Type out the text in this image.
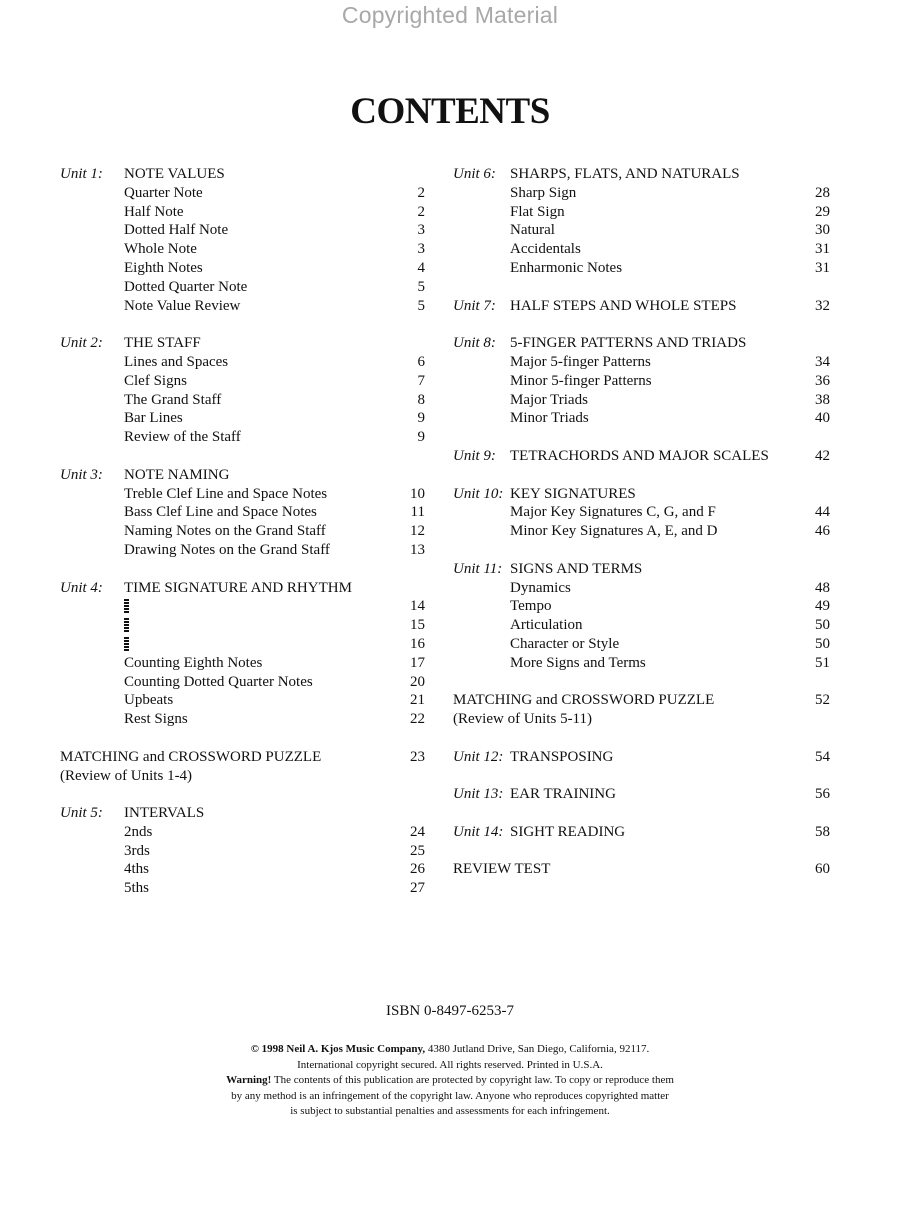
Copyrighted Material
CONTENTS
Unit 1: NOTE VALUES
Quarter Note	2
Half Note	2
Dotted Half Note	3
Whole Note	3
Eighth Notes	4
Dotted Quarter Note	5
Note Value Review	5
Unit 2: THE STAFF
Lines and Spaces	6
Clef Signs	7
The Grand Staff	8
Bar Lines	9
Review of the Staff	9
Unit 3: NOTE NAMING
Treble Clef Line and Space Notes	10
Bass Clef Line and Space Notes	11
Naming Notes on the Grand Staff	12
Drawing Notes on the Grand Staff	13
Unit 4: TIME SIGNATURE AND RHYTHM
14
15
16
Counting Eighth Notes	17
Counting Dotted Quarter Notes	20
Upbeats	21
Rest Signs	22
MATCHING and CROSSWORD PUZZLE	23
(Review of Units 1-4)
Unit 5: INTERVALS
2nds	24
3rds	25
4ths	26
5ths	27
Unit 6: SHARPS, FLATS, AND NATURALS
Sharp Sign	28
Flat Sign	29
Natural	30
Accidentals	31
Enharmonic Notes	31
Unit 7: HALF STEPS AND WHOLE STEPS	32
Unit 8: 5-FINGER PATTERNS AND TRIADS
Major 5-finger Patterns	34
Minor 5-finger Patterns	36
Major Triads	38
Minor Triads	40
Unit 9: TETRACHORDS AND MAJOR SCALES	42
Unit 10: KEY SIGNATURES
Major Key Signatures C, G, and F	44
Minor Key Signatures A, E, and D	46
Unit 11: SIGNS AND TERMS
Dynamics	48
Tempo	49
Articulation	50
Character or Style	50
More Signs and Terms	51
MATCHING and CROSSWORD PUZZLE	52
(Review of Units 5-11)
Unit 12: TRANSPOSING	54
Unit 13: EAR TRAINING	56
Unit 14: SIGHT READING	58
REVIEW TEST	60
ISBN 0-8497-6253-7
© 1998 Neil A. Kjos Music Company, 4380 Jutland Drive, San Diego, California, 92117.
International copyright secured. All rights reserved. Printed in U.S.A.
Warning! The contents of this publication are protected by copyright law. To copy or reproduce them
by any method is an infringement of the copyright law. Anyone who reproduces copyrighted matter
is subject to substantial penalties and assessments for each infringement.
